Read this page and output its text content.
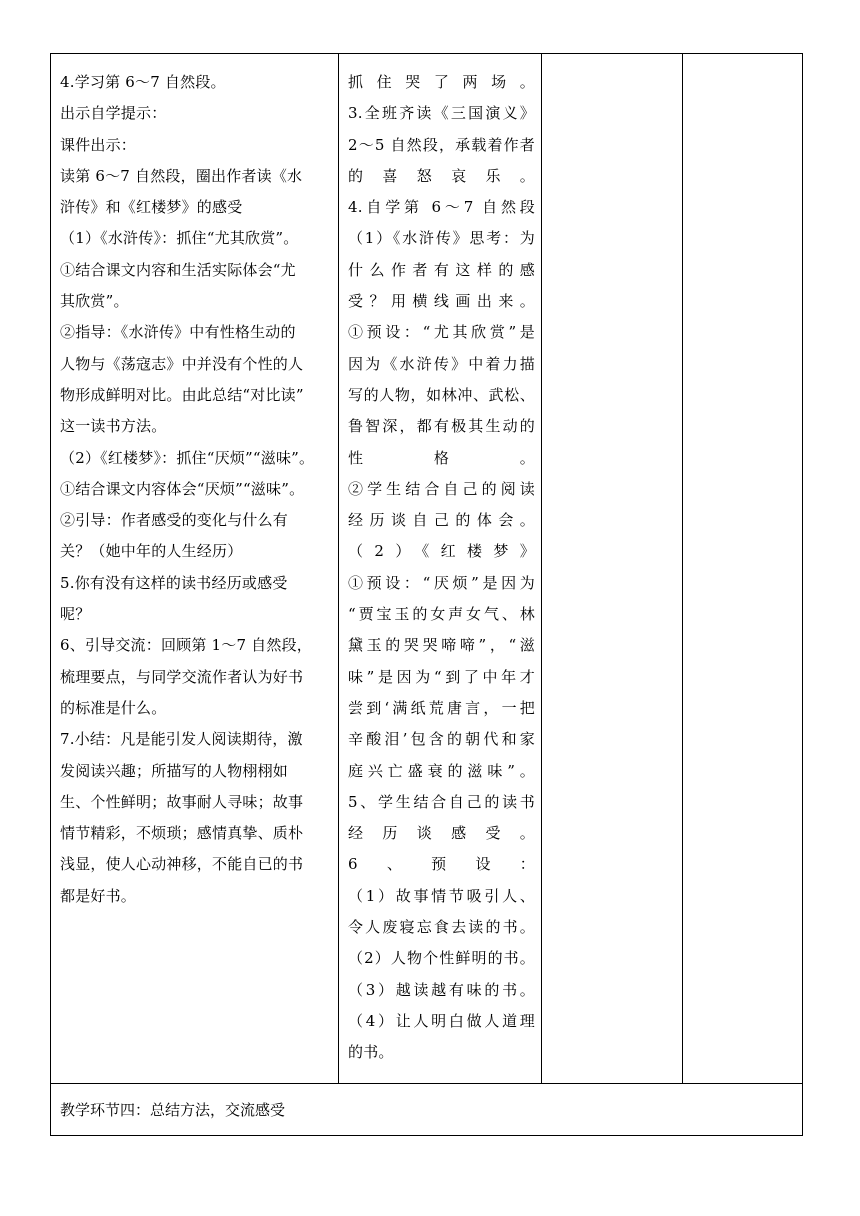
4.学习第 6～7 自然段。
出示自学提示：
课件出示：
读第 6～7 自然段，圈出作者读《水
浒传》和《红楼梦》的感受
（1）《水浒传》：抓住“尤其欣赏”。
①结合课文内容和生活实际体会“尤
其欣赏”。
②指导：《水浒传》中有性格生动的
人物与《荡寇志》中并没有个性的人
物形成鲜明对比。由此总结“对比读”
这一读书方法。
（2）《红楼梦》：抓住“厌烦”“滋味”。
①结合课文内容体会“厌烦”“滋味”。
②引导：作者感受的变化与什么有
关？（她中年的人生经历）
5.你有没有这样的读书经历或感受
呢？
6、引导交流：回顾第 1～7 自然段，
梳理要点，与同学交流作者认为好书
的标准是什么。
7.小结：凡是能引发人阅读期待，激
发阅读兴趣；所描写的人物栩栩如
生、个性鲜明；故事耐人寻味；故事
情节精彩，不烦琐；感情真挚、质朴
浅显，使人心动神移，不能自已的书
都是好书。

抓住哭了两场。
3.全班齐读《三国演义》
2～5 自然段，承载着作者
的喜怒哀乐。
4.自学第 6～7 自然段
（1）《水浒传》思考：为
什么作者有这样的感
受？用横线画出来。
①预设：“尤其欣赏”是
因为《水浒传》中着力描
写的人物，如林冲、武松、
鲁智深，都有极其生动的
性格。
②学生结合自己的阅读
经历谈自己的体会。
（2）《红楼梦》
①预设：“厌烦”是因为
“贾宝玉的女声女气、林
黛玉的哭哭啼啼”，“滋
味”是因为“到了中年才
尝到‘满纸荒唐言，一把
辛酸泪’包含的朝代和家
庭兴亡盛衰的滋味”。
5、学生结合自己的读书
经历谈感受。
6、预设：
（1）故事情节吸引人、
令人废寝忘食去读的书。
（2）人物个性鲜明的书。
（3）越读越有味的书。
（4）让人明白做人道理
的书。

教学环节四：总结方法，交流感受
